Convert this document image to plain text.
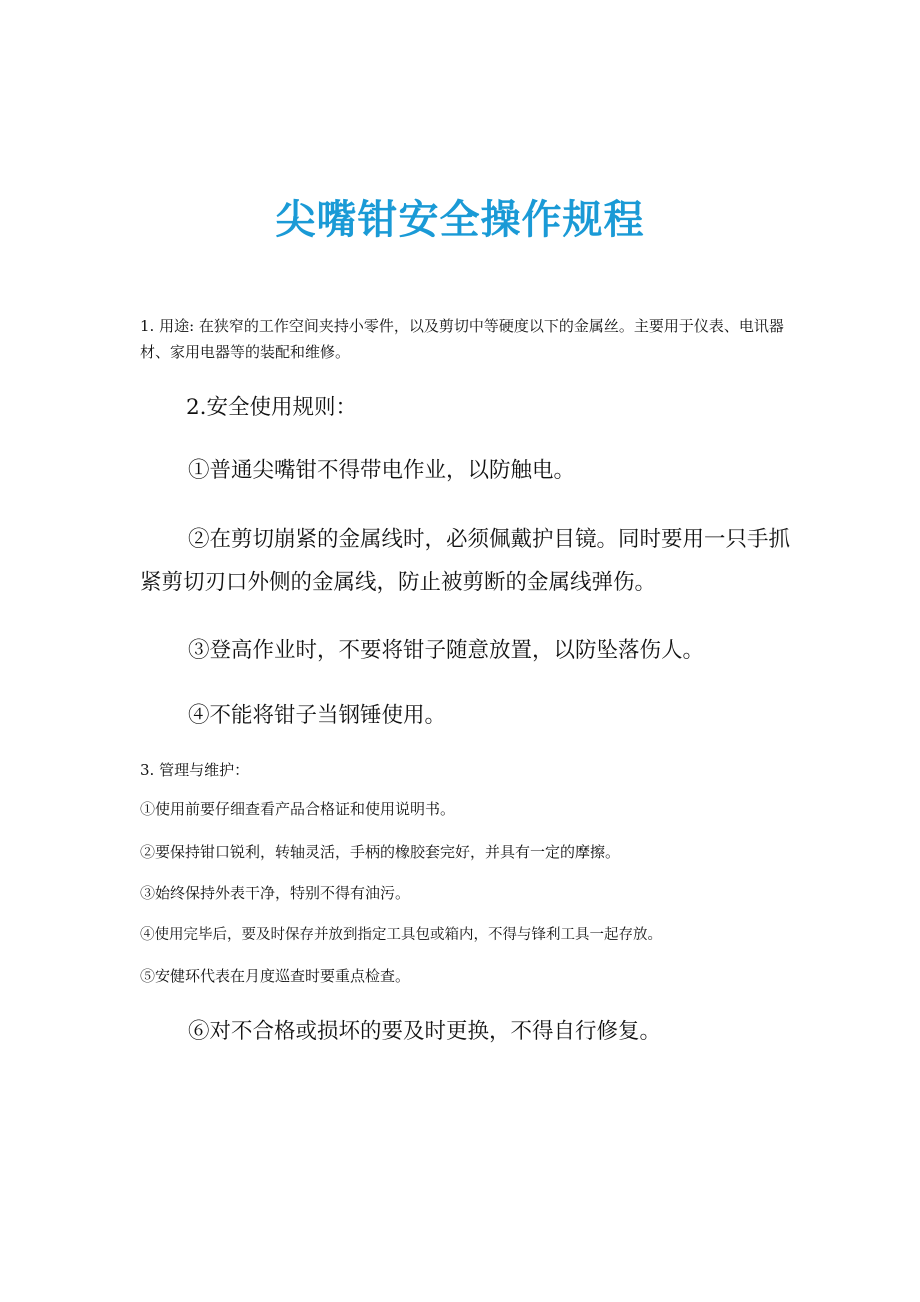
尖嘴钳安全操作规程
1. 用途: 在狭窄的工作空间夹持小零件，以及剪切中等硬度以下的金属丝。主要用于仪表、电讯器材、家用电器等的装配和维修。
2.安全使用规则：
①普通尖嘴钳不得带电作业，以防触电。
②在剪切崩紧的金属线时，必须佩戴护目镜。同时要用一只手抓紧剪切刃口外侧的金属线，防止被剪断的金属线弹伤。
③登高作业时，不要将钳子随意放置，以防坠落伤人。
④不能将钳子当钢锤使用。
3. 管理与维护：
①使用前要仔细查看产品合格证和使用说明书。
②要保持钳口锐利，转轴灵活，手柄的橡胶套完好，并具有一定的摩擦。
③始终保持外表干净，特别不得有油污。
④使用完毕后，要及时保存并放到指定工具包或箱内，不得与锋利工具一起存放。
⑤安健环代表在月度巡查时要重点检查。
⑥对不合格或损坏的要及时更换，不得自行修复。
